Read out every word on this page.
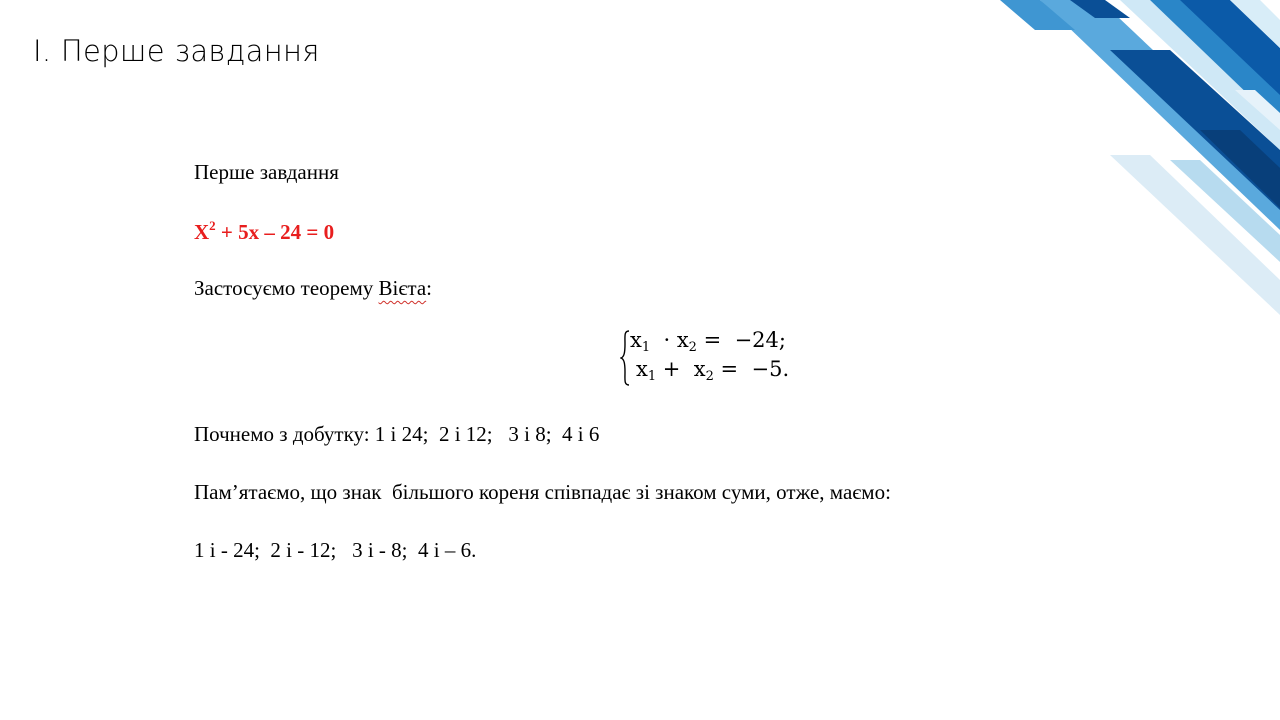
I. Перше завдання
Перше завдання
$X^2 + 5x - 24 = 0$
Застосуємо теорему Вієта:
$x_1 \cdot x_2 = -24$;
$x_1 + x_2 = -5$.
Почнемо з добутку: 1 і 24;  2 і 12;   3 і 8;  4 і 6
Пам’ятаємо, що знак  більшого кореня співпадає зі знаком суми, отже, маємо:
1 і - 24;  2 і - 12;   3 і - 8;  4 і – 6.
